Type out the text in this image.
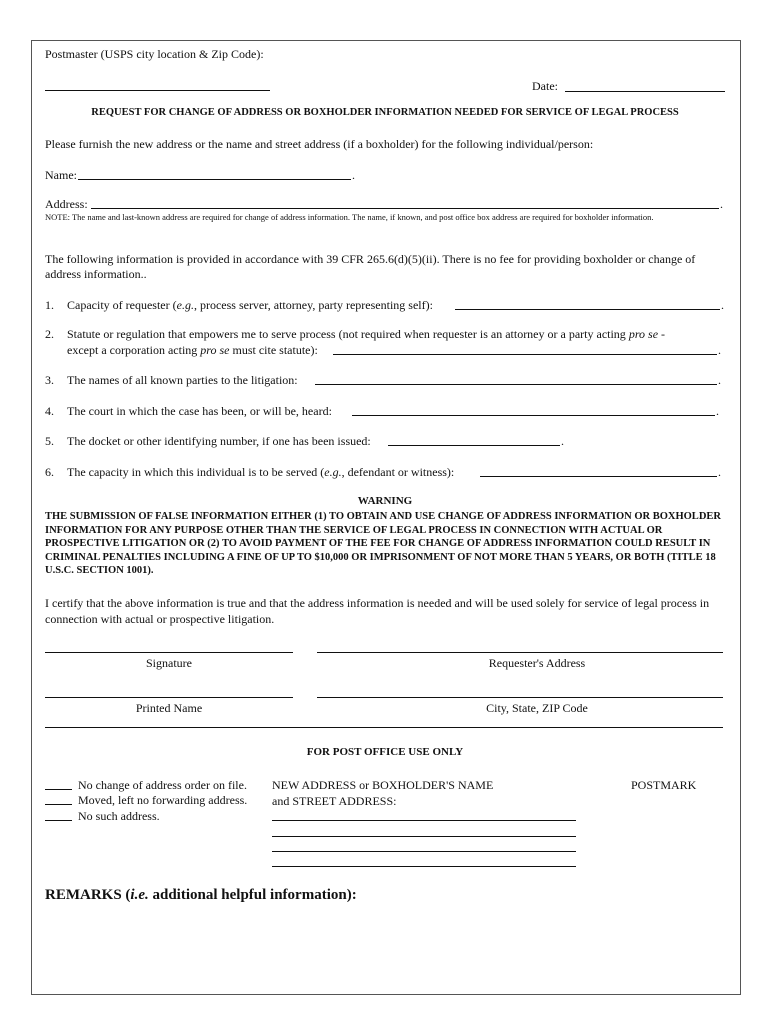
Postmaster (USPS city location & Zip Code):
Date:
REQUEST FOR CHANGE OF ADDRESS OR BOXHOLDER INFORMATION NEEDED FOR SERVICE OF LEGAL PROCESS
Please furnish the new address or the name and street address (if a boxholder) for the following individual/person:
Name:	.
Address:	.
NOTE: The name and last-known address are required for change of address information. The name, if known, and post office box address are required for boxholder information.
The following information is provided in accordance with 39 CFR 265.6(d)(5)(ii). There is no fee for providing boxholder or change of address information..
1. Capacity of requester (e.g., process server, attorney, party representing self):	.
2. Statute or regulation that empowers me to serve process (not required when requester is an attorney or a party acting pro se -
except a corporation acting pro se must cite statute):	.
3. The names of all known parties to the litigation:	.
4. The court in which the case has been, or will be, heard:	.
5. The docket or other identifying number, if one has been issued:	.
6. The capacity in which this individual is to be served (e.g., defendant or witness):	.
WARNING
THE SUBMISSION OF FALSE INFORMATION EITHER (1) TO OBTAIN AND USE CHANGE OF ADDRESS INFORMATION OR BOXHOLDER INFORMATION FOR ANY PURPOSE OTHER THAN THE SERVICE OF LEGAL PROCESS IN CONNECTION WITH ACTUAL OR PROSPECTIVE LITIGATION OR (2) TO AVOID PAYMENT OF THE FEE FOR CHANGE OF ADDRESS INFORMATION COULD RESULT IN CRIMINAL PENALTIES INCLUDING A FINE OF UP TO $10,000 OR IMPRISONMENT OF NOT MORE THAN 5 YEARS, OR BOTH (TITLE 18 U.S.C. SECTION 1001).
I certify that the above information is true and that the address information is needed and will be used solely for service of legal process in connection with actual or prospective litigation.
Signature	Requester's Address
Printed Name	City, State, ZIP Code
FOR POST OFFICE USE ONLY
No change of address order on file.
Moved, left no forwarding address.
No such address.
NEW ADDRESS or BOXHOLDER'S NAME
and STREET ADDRESS:
POSTMARK
REMARKS (i.e. additional helpful information):
